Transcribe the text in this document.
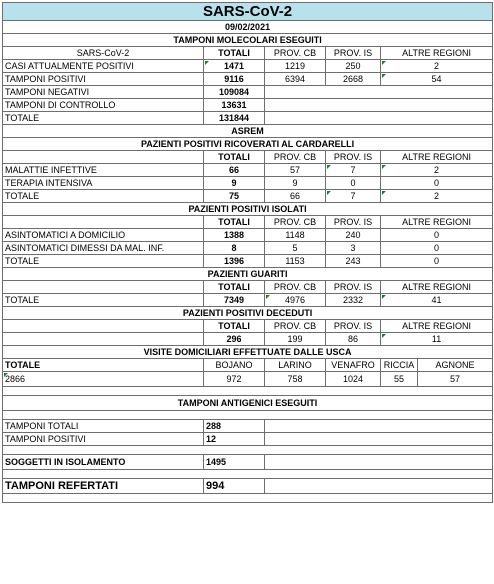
SARS-CoV-2					
09/02/2021					
TAMPONI MOLECOLARI ESEGUITI					
SARS-CoV-2	TOTALI	PROV. CB	PROV. IS	ALTRE REGIONI	
CASI ATTUALMENTE POSITIVI	1471	1219	250	2	
TAMPONI POSITIVI	9116	6394	2668	54	
TAMPONI NEGATIVI	109084				
TAMPONI DI CONTROLLO	13631				
TOTALE	131844				
ASREM					
PAZIENTI POSITIVI RICOVERATI AL CARDARELLI					
	TOTALI	PROV. CB	PROV. IS	ALTRE REGIONI	
MALATTIE INFETTIVE	66	57	7	2	
TERAPIA INTENSIVA	9	9	0	0	
TOTALE	75	66	7	2	
PAZIENTI POSITIVI ISOLATI					
	TOTALI	PROV. CB	PROV. IS	ALTRE REGIONI	
ASINTOMATICI A DOMICILIO	1388	1148	240	0	
ASINTOMATICI DIMESSI DA MAL. INF.	8	5	3	0	
TOTALE	1396	1153	243	0	
PAZIENTI GUARITI					
	TOTALI	PROV. CB	PROV. IS	ALTRE REGIONI	
TOTALE	7349	4976	2332	41	
PAZIENTI POSITIVI DECEDUTI					
	TOTALI	PROV. CB	PROV. IS	ALTRE REGIONI	
	296	199	86	11	
VISITE DOMICILIARI EFFETTUATE DALLE USCA					
TOTALE	BOJANO	LARINO	VENAFRO	RICCIA	AGNONE
2866	972	758	1024	55	57

TAMPONI ANTIGENICI ESEGUITI					

TAMPONI TOTALI	288				
TAMPONI POSITIVI	12				

SOGGETTI IN ISOLAMENTO	1495				

TAMPONI REFERTATI	994				
